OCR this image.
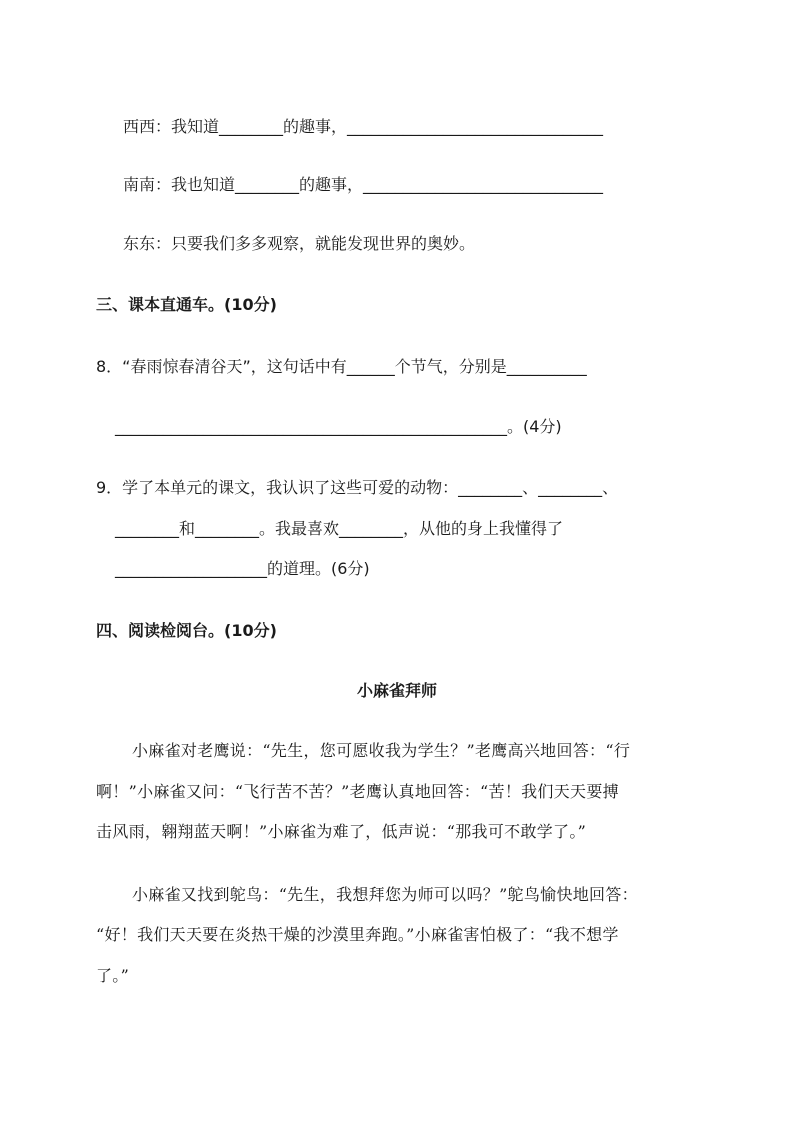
西西：我知道________的趣事，________________________________
南南：我也知道________的趣事，______________________________
东东：只要我们多多观察，就能发现世界的奥妙。
三、课本直通车。(10分)
8．“春雨惊春清谷天”，这句话中有______个节气，分别是__________
_________________________________________________。(4分)
9．学了本单元的课文，我认识了这些可爱的动物：________、________、
________和________。我最喜欢________，从他的身上我懂得了
___________________的道理。(6分)
四、阅读检阅台。(10分)
小麻雀拜师
小麻雀对老鹰说：“先生，您可愿收我为学生？”老鹰高兴地回答：“行
啊！”小麻雀又问：“飞行苦不苦？”老鹰认真地回答：“苦！我们天天要搏
击风雨，翱翔蓝天啊！”小麻雀为难了，低声说：“那我可不敢学了。”
小麻雀又找到鸵鸟：“先生，我想拜您为师可以吗？”鸵鸟愉快地回答：
“好！我们天天要在炎热干燥的沙漠里奔跑。”小麻雀害怕极了：“我不想学
了。”
